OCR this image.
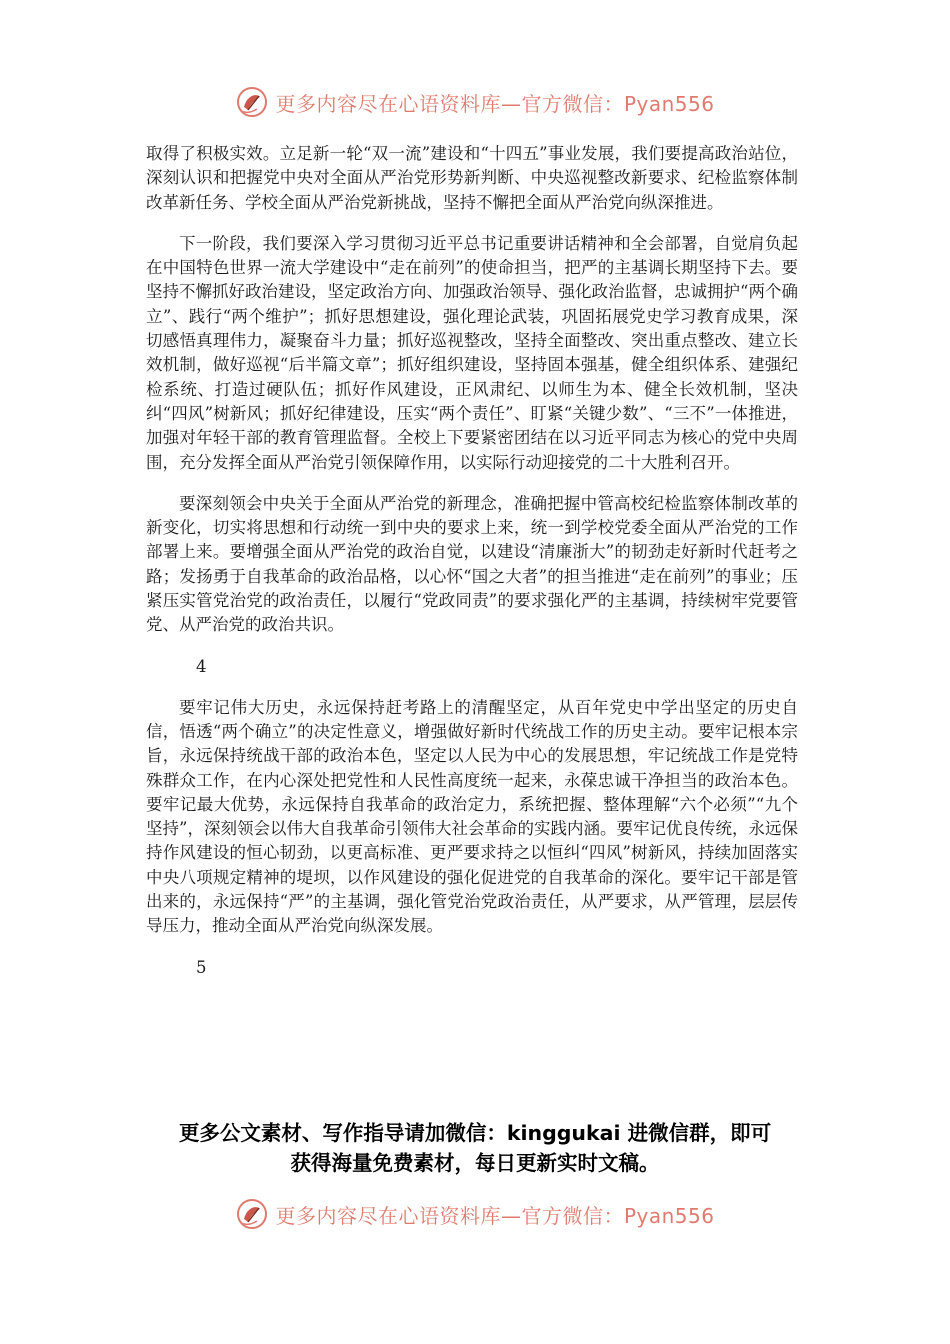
更多内容尽在心语资料库—官方微信：Pyan556

取得了积极实效。立足新一轮“双一流”建设和“十四五”事业发展，我们要提高政治站位，深刻认识和把握党中央对全面从严治党形势新判断、中央巡视整改新要求、纪检监察体制改革新任务、学校全面从严治党新挑战，坚持不懈把全面从严治党向纵深推进。

下一阶段，我们要深入学习贯彻习近平总书记重要讲话精神和全会部署，自觉肩负起在中国特色世界一流大学建设中“走在前列”的使命担当，把严的主基调长期坚持下去。要坚持不懈抓好政治建设，坚定政治方向、加强政治领导、强化政治监督，忠诚拥护“两个确立”、践行“两个维护”；抓好思想建设，强化理论武装，巩固拓展党史学习教育成果，深切感悟真理伟力，凝聚奋斗力量；抓好巡视整改，坚持全面整改、突出重点整改、建立长效机制，做好巡视“后半篇文章”；抓好组织建设，坚持固本强基，健全组织体系、建强纪检系统、打造过硬队伍；抓好作风建设，正风肃纪、以师生为本、健全长效机制，坚决纠“四风”树新风；抓好纪律建设，压实“两个责任”、盯紧“关键少数”、“三不”一体推进，加强对年轻干部的教育管理监督。全校上下要紧密团结在以习近平同志为核心的党中央周围，充分发挥全面从严治党引领保障作用，以实际行动迎接党的二十大胜利召开。

要深刻领会中央关于全面从严治党的新理念，准确把握中管高校纪检监察体制改革的新变化，切实将思想和行动统一到中央的要求上来，统一到学校党委全面从严治党的工作部署上来。要增强全面从严治党的政治自觉，以建设“清廉浙大”的韧劲走好新时代赶考之路；发扬勇于自我革命的政治品格，以心怀“国之大者”的担当推进“走在前列”的事业；压紧压实管党治党的政治责任，以履行“党政同责”的要求强化严的主基调，持续树牢党要管党、从严治党的政治共识。

4

要牢记伟大历史，永远保持赶考路上的清醒坚定，从百年党史中学出坚定的历史自信，悟透“两个确立”的决定性意义，增强做好新时代统战工作的历史主动。要牢记根本宗旨，永远保持统战干部的政治本色，坚定以人民为中心的发展思想，牢记统战工作是党特殊群众工作，在内心深处把党性和人民性高度统一起来，永葆忠诚干净担当的政治本色。要牢记最大优势，永远保持自我革命的政治定力，系统把握、整体理解“六个必须”“九个坚持”，深刻领会以伟大自我革命引领伟大社会革命的实践内涵。要牢记优良传统，永远保持作风建设的恒心韧劲，以更高标准、更严要求持之以恒纠“四风”树新风，持续加固落实中央八项规定精神的堤坝，以作风建设的强化促进党的自我革命的深化。要牢记干部是管出来的，永远保持“严”的主基调，强化管党治党政治责任，从严要求，从严管理，层层传导压力，推动全面从严治党向纵深发展。

5

更多公文素材、写作指导请加微信：kinggukai 进微信群，即可
获得海量免费素材，每日更新实时文稿。
更多内容尽在心语资料库—官方微信：Pyan556
